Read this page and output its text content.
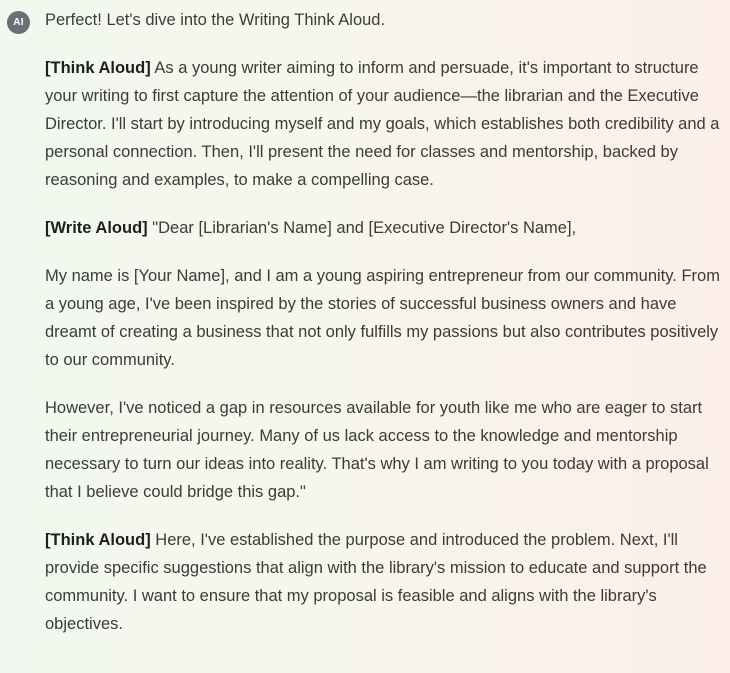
AI	Perfect! Let's dive into the Writing Think Aloud.

[Think Aloud] As a young writer aiming to inform and persuade, it's important to structure your writing to first capture the attention of your audience—the librarian and the Executive Director. I'll start by introducing myself and my goals, which establishes both credibility and a personal connection. Then, I'll present the need for classes and mentorship, backed by reasoning and examples, to make a compelling case.

[Write Aloud] "Dear [Librarian's Name] and [Executive Director's Name],

My name is [Your Name], and I am a young aspiring entrepreneur from our community. From a young age, I've been inspired by the stories of successful business owners and have dreamt of creating a business that not only fulfills my passions but also contributes positively to our community.

However, I've noticed a gap in resources available for youth like me who are eager to start their entrepreneurial journey. Many of us lack access to the knowledge and mentorship necessary to turn our ideas into reality. That's why I am writing to you today with a proposal that I believe could bridge this gap."

[Think Aloud] Here, I've established the purpose and introduced the problem. Next, I'll provide specific suggestions that align with the library's mission to educate and support the community. I want to ensure that my proposal is feasible and aligns with the library's objectives.
